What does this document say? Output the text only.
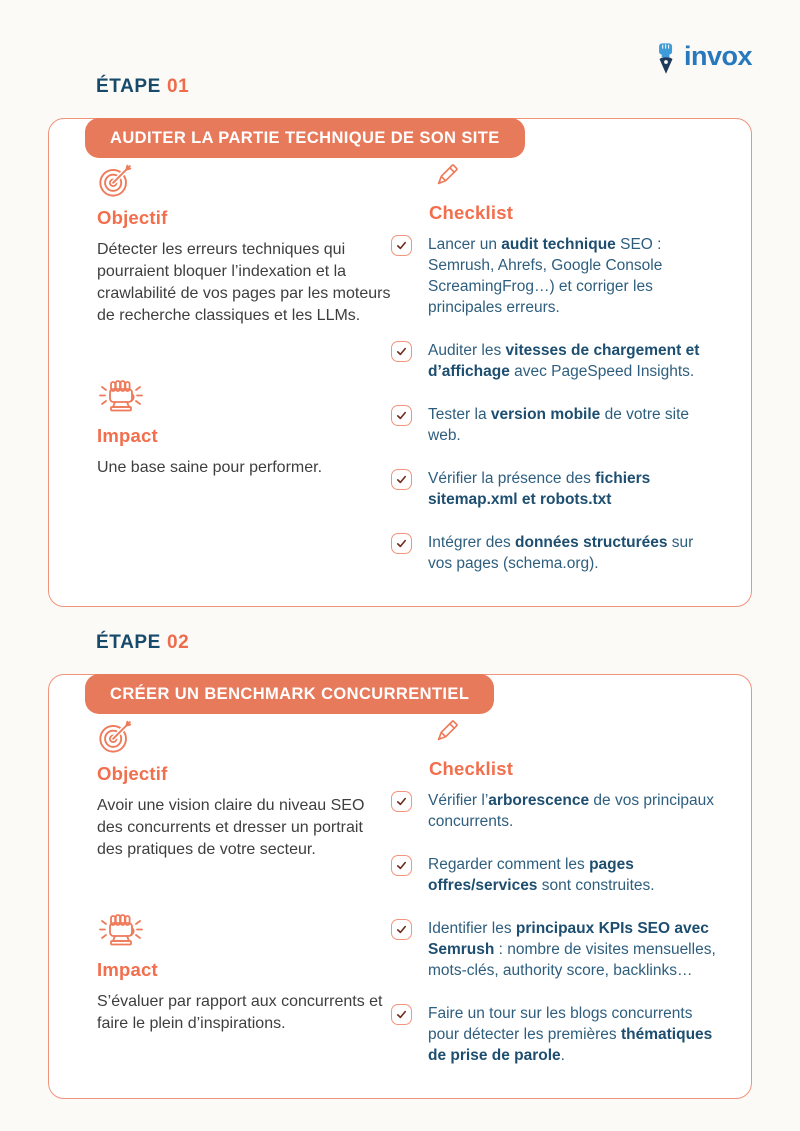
invox
ÉTAPE 01
AUDITER LA PARTIE TECHNIQUE DE SON SITE
Objectif

Détecter les erreurs techniques qui pourraient bloquer l’indexation et la crawlabilité de vos pages par les moteurs de recherche classiques et les LLMs.

Impact

Une base saine pour performer.

Checklist
Lancer un audit technique SEO : Semrush, Ahrefs, Google Console ScreamingFrog…) et corriger les principales erreurs.
Auditer les vitesses de chargement et d’affichage avec PageSpeed Insights.
Tester la version mobile de votre site web.
Vérifier la présence des fichiers sitemap.xml et robots.txt
Intégrer des données structurées sur vos pages (schema.org).
ÉTAPE 02
CRÉER UN BENCHMARK CONCURRENTIEL
Objectif

Avoir une vision claire du niveau SEO des concurrents et dresser un portrait des pratiques de votre secteur.

Impact

S’évaluer par rapport aux concurrents et faire le plein d’inspirations.

Checklist
Vérifier l’arborescence de vos principaux concurrents.
Regarder comment les pages offres/services sont construites.
Identifier les principaux KPIs SEO avec Semrush : nombre de visites mensuelles, mots-clés, authority score, backlinks…
Faire un tour sur les blogs concurrents pour détecter les premières thématiques de prise de parole.
